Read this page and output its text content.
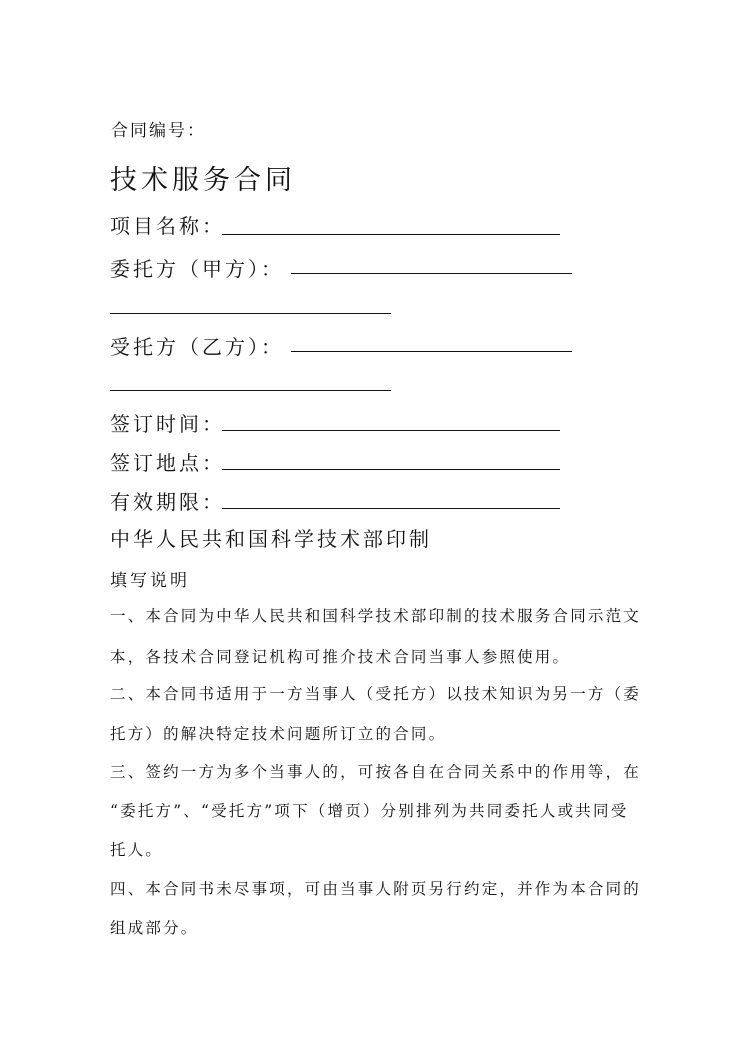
合同编号：
技术服务合同
项目名称：
委托方（甲方）：
受托方（乙方）：
签订时间：
签订地点：
有效期限：
中华人民共和国科学技术部印制
填写说明
一、本合同为中华人民共和国科学技术部印制的技术服务合同示范文
本，各技术合同登记机构可推介技术合同当事人参照使用。
二、本合同书适用于一方当事人（受托方）以技术知识为另一方（委
托方）的解决特定技术问题所订立的合同。
三、签约一方为多个当事人的，可按各自在合同关系中的作用等，在
“委托方”、“受托方”项下（增页）分别排列为共同委托人或共同受
托人。
四、本合同书未尽事项，可由当事人附页另行约定，并作为本合同的
组成部分。
